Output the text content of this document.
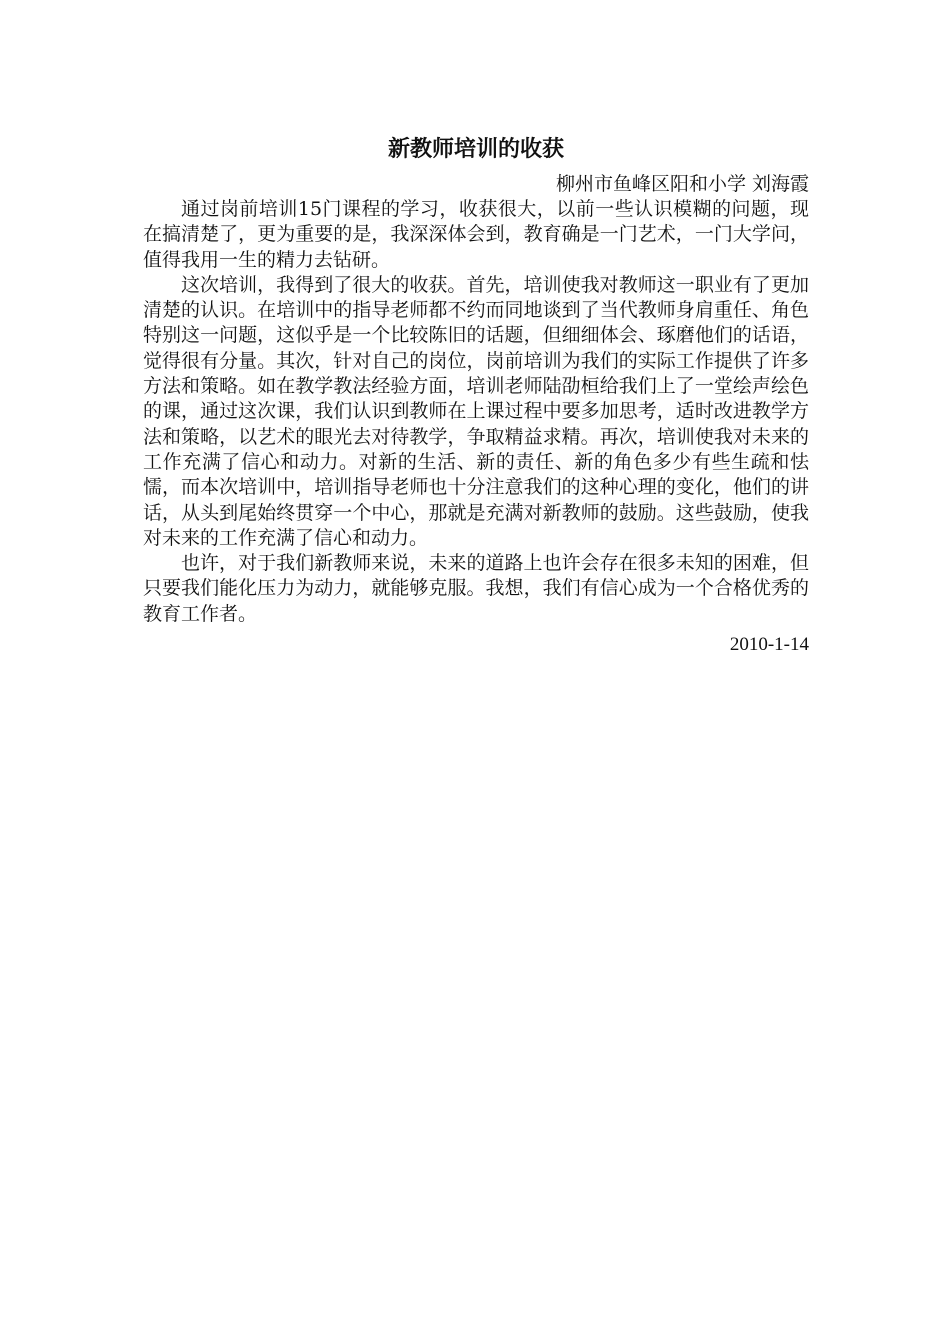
新教师培训的收获
柳州市鱼峰区阳和小学 刘海霞

通过岗前培训15门课程的学习，收获很大，以前一些认识模糊的问题，现在搞清楚了，更为重要的是，我深深体会到，教育确是一门艺术，一门大学问，值得我用一生的精力去钻研。

这次培训，我得到了很大的收获。首先，培训使我对教师这一职业有了更加清楚的认识。在培训中的指导老师都不约而同地谈到了当代教师身肩重任、角色特别这一问题，这似乎是一个比较陈旧的话题，但细细体会、琢磨他们的话语，觉得很有分量。其次，针对自己的岗位，岗前培训为我们的实际工作提供了许多方法和策略。如在教学教法经验方面，培训老师陆劭桓给我们上了一堂绘声绘色的课，通过这次课，我们认识到教师在上课过程中要多加思考，适时改进教学方法和策略，以艺术的眼光去对待教学，争取精益求精。再次，培训使我对未来的工作充满了信心和动力。对新的生活、新的责任、新的角色多少有些生疏和怯懦，而本次培训中，培训指导老师也十分注意我们的这种心理的变化，他们的讲话，从头到尾始终贯穿一个中心，那就是充满对新教师的鼓励。这些鼓励，使我对未来的工作充满了信心和动力。

也许，对于我们新教师来说，未来的道路上也许会存在很多未知的困难，但只要我们能化压力为动力，就能够克服。我想，我们有信心成为一个合格优秀的教育工作者。

2010-1-14
